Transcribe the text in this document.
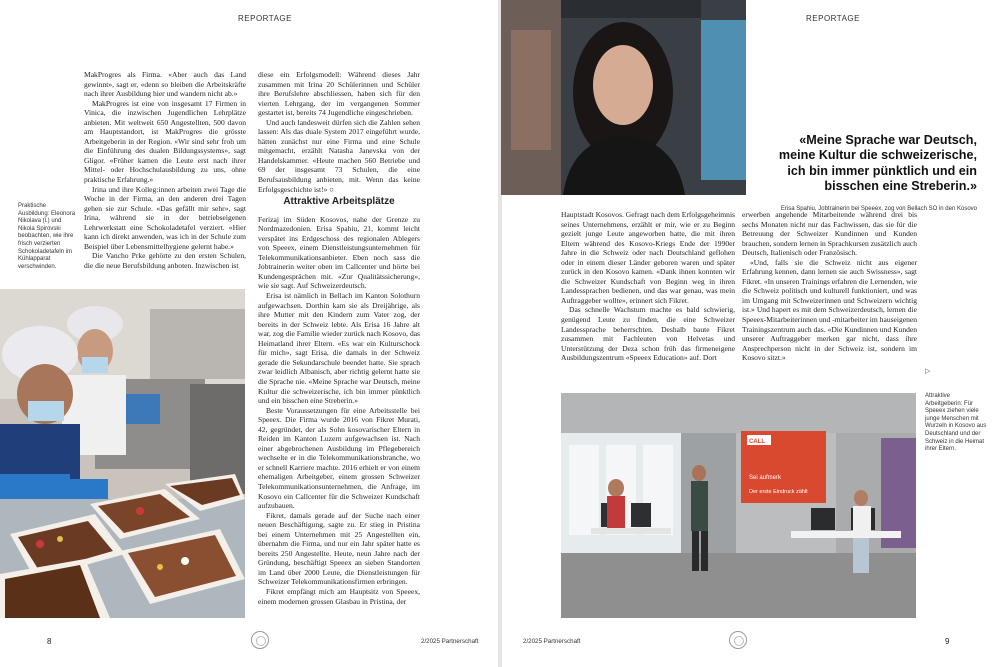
REPORTAGE	REPORTAGE

MakProgres als Firma. «Aber auch das Land gewinnt», sagt er, «denn so bleiben die Arbeitskräfte nach ihrer Ausbildung hier und wandern nicht ab.»

MakProgres ist eine von insgesamt 17 Firmen in Vinica, die inzwischen Jugendlichen Lehrplätze anbieten. Mit weltweit 650 Angestellten, 500 davon am Hauptstandort, ist MakProgres die grösste Arbeitgeberin in der Region. «Wir sind sehr froh um die Einführung des dualen Bildungssystems», sagt Gligor. «Früher kamen die Leute erst nach ihrer Mittel- oder Hochschulausbildung zu uns, ohne praktische Erfahrung.»

Irina und ihre Kolleg:innen arbeiten zwei Tage die Woche in der Firma, an den anderen drei Tagen gehen sie zur Schule. «Das gefällt mir sehr», sagt Irina, während sie in der betriebseigenen Lehrwerkstatt eine Schokoladetafel verziert. «Hier kann ich direkt anwenden, was ich in der Schule zum Beispiel über Lebensmittelhygiene gelernt habe.»

Die Vancho Prke gehörte zu den ersten Schulen, die die neue Berufsbildung anboten. Inzwischen ist

diese ein Erfolgsmodell: Während dieses Jahr zusammen mit Irina 20 Schülerinnen und Schüler ihre Berufslehre abschliessen, haben sich für den vierten Lehrgang, der im vergangenen Sommer gestartet ist, bereits 74 Jugendliche eingeschrieben.

Und auch landesweit dürfen sich die Zahlen sehen lassen: Als das duale System 2017 eingeführt wurde, hätten zunächst nur eine Firma und eine Schule mitgemacht, erzählt Natasha Janevska von der Handelskammer. «Heute machen 560 Betriebe und 69 der insgesamt 73 Schulen, die eine Berufsausbildung anbieten, mit. Wenn das keine Erfolgsgeschichte ist!» ○

Attraktive Arbeitsplätze

Ferizaj im Süden Kosovos, nahe der Grenze zu Nordmazedonien. Erisa Spahiu, 21, kommt leicht verspätet ins Erdgeschoss des regionalen Ablegers von Speeex, einem Dienstleistungsunternehmen für Telekommunikationsanbieter. Eben noch sass die Jobtrainerin weiter oben im Callcenter und hörte bei Kundengesprächen mit. «Zur Qualitätssicherung», wie sie sagt. Auf Schweizerdeutsch.

Erisa ist nämlich in Bellach im Kanton Solothurn aufgewachsen. Dorthin kam sie als Dreijährige, als ihre Mutter mit den Kindern zum Vater zog, der bereits in der Schweiz lebte. Als Erisa 16 Jahre alt war, zog die Familie wieder zurück nach Kosovo, das Heimatland ihrer Eltern. «Es war ein Kulturschock für mich», sagt Erisa, die damals in der Schweiz gerade die Sekundarschule beendet hatte. Sie sprach zwar leidlich Albanisch, aber richtig gelernt hatte sie die Sprache nie. «Meine Sprache war Deutsch, meine Kultur die schweizerische, ich bin immer pünktlich und ein bisschen eine Streberin.»

Beste Voraussetzungen für eine Arbeitsstelle bei Speeex. Die Firma wurde 2016 von Fikret Murati, 42, gegründet, der als Sohn kosovarischer Eltern in Reiden im Kanton Luzern aufgewachsen ist. Nach einer abgebrochenen Ausbildung im Pflegebereich wechselte er in die Telekommunikationsbranche, wo er schnell Karriere machte. 2016 erhielt er von einem ehemaligen Arbeitgeber, einem grossen Schweizer Telekommunikationsunternehmen, die Anfrage, im Kosovo ein Callcenter für die Schweizer Kundschaft aufzubauen.

Fikret, damals gerade auf der Suche nach einer neuen Beschäftigung, sagte zu. Er stieg in Pristina bei einem Unternehmen mit 25 Angestellten ein, übernahm die Firma, und nur ein Jahr später hatte es bereits 250 Angestellte. Heute, neun Jahre nach der Gründung, beschäftigt Speeex an sieben Standorten im Land über 2000 Leute, die Dienstleistungen für Schweizer Telekommunikationsfirmen erbringen.

Fikret empfängt mich am Hauptsitz von Speeex, einem modernen grossen Glasbau in Pristina, der

Praktische Ausbildung: Eleonora Nikolava (l.) und Nikola Spirovski beobachten, wie ihre frisch verzierten Schokoladetafeln im Kühlapparat verschwinden.
8	2/2025 Partnerschaft
«Meine Sprache war Deutsch, meine Kultur die schweizerische, ich bin immer pünktlich und ein bisschen eine Streberin.»
Erisa Spahiu, Jobtrainerin bei Speeex, zog von Bellach SO in den Kosovo

Hauptstadt Kosovos. Gefragt nach dem Erfolgsgeheimnis seines Unternehmens, erzählt er mir, wie er zu Beginn gezielt junge Leute angeworben hatte, die mit ihren Eltern während des Kosovo-Kriegs Ende der 1990er Jahre in die Schweiz oder nach Deutschland geflohen oder in einem dieser Länder geboren waren und später zurück in den Kosovo kamen. «Dank ihnen konnten wir die Schweizer Kundschaft von Beginn weg in ihren Landessprachen bedienen, und das war genau, was mein Auftraggeber wollte», erinnert sich Fikret.

Das schnelle Wachstum machte es bald schwierig, genügend Leute zu finden, die eine Schweizer Landessprache beherrschten. Deshalb baute Fikret zusammen mit Fachleuten von Helvetas und Unterstützung der Deza schon früh das firmeneigene Ausbildungszentrum «Speeex Education» auf. Dort

erwerben angehende Mitarbeitende während drei bis sechs Monaten nicht nur das Fachwissen, das sie für die Betreuung der Schweizer Kundinnen und Kunden brauchen, sondern lernen in Sprachkursen zusätzlich auch Deutsch, Italienisch oder Französisch.

«Und, falls sie die Schweiz nicht aus eigener Erfahrung kennen, dann lernen sie auch Swissness», sagt Fikret. «In unseren Trainings erfahren die Lernenden, wie die Schweiz politisch und kulturell funktioniert, und was im Umgang mit Schweizerinnen und Schweizern wichtig ist.» Und hapert es mit dem Schweizerdeutsch, lernen die Speeex-Mitarbeiterinnen und -mitarbeiter im hauseigenen Trainingszentrum auch das. «Die Kundinnen und Kunden unserer Auftraggeber merken gar nicht, dass ihre Ansprechperson nicht in der Schweiz ist, sondern im Kosovo sitzt.»

▷
CALL
Sei aufmerk
Der erste Eindruck zählt
Attraktive Arbeitgeberin: Für Speeex ziehen viele junge Menschen mit Wurzeln in Kosovo aus Deutschland und der Schweiz in die Heimat ihrer Eltern.
2/2025 Partnerschaft	9
